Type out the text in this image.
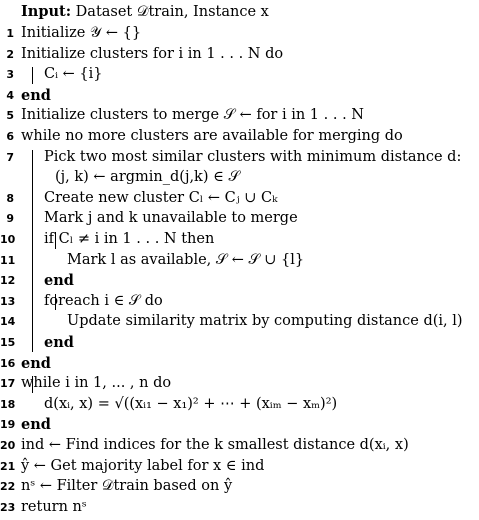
Input: Dataset 𝒟train, Instance x
1 Initialize 𝒴 ← {}
2 Initialize clusters for i in 1 . . . N do
3 Cᵢ ← {i}
4 end
5 Initialize clusters to merge 𝒮 ← for i in 1 . . . N
6 while no more clusters are available for merging do
7 Pick two most similar clusters with minimum distance d:
(j, k) ← argmin_d(j,k) ∈ 𝒮
8 Create new cluster Cₗ ← Cⱼ ∪ Cₖ
9 Mark j and k unavailable to merge
10 if Cₗ ≠ i in 1 . . . N then
11	Mark l as available, 𝒮 ← 𝒮 ∪ {l}
12 end
13 foreach i ∈ 𝒮 do
14	Update similarity matrix by computing distance d(i, l)
15 end
16 end
17 while i in 1, ... , n do
18 d(xᵢ, x) = √((xᵢ₁ − x₁)² + ⋯ + (xᵢₘ − xₘ)²)
19 end
20 ind ← Find indices for the k smallest distance d(xᵢ, x)
21 ŷ ← Get majority label for x ∈ ind
22 nˢ ← Filter 𝒟train based on ŷ
23 return nˢ
